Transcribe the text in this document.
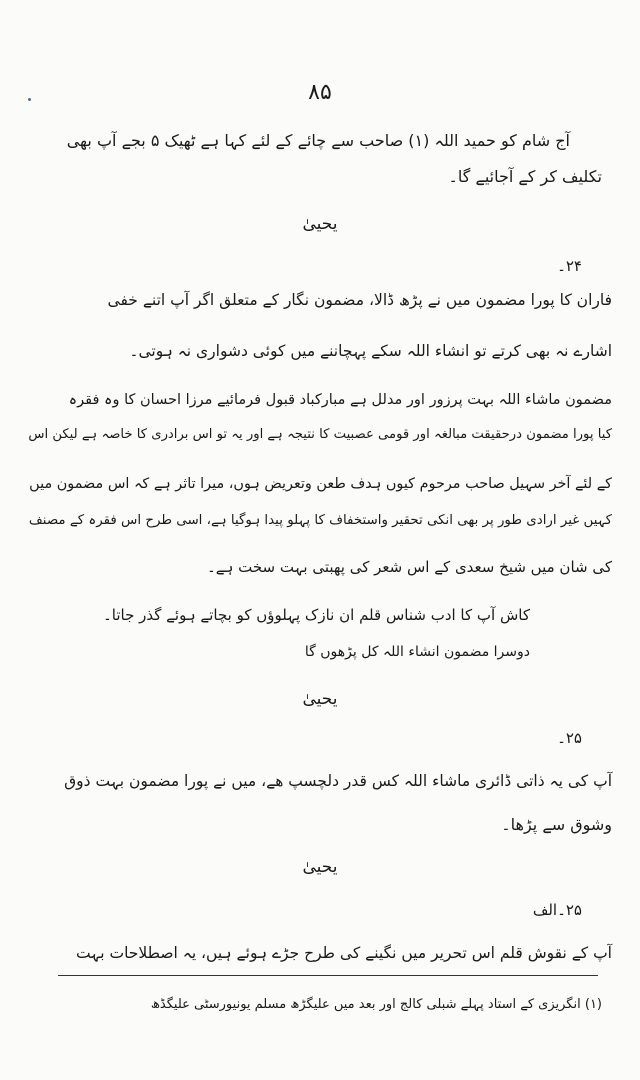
۸۵
آج شام کو حمید اللہ (۱) صاحب سے چائے کے لئے کہا ہے ٹھیک ۵ بجے آپ بھی
تکلیف کر کے آجائیے گا۔
یحییٰ
۲۴۔
فاران کا پورا مضمون میں نے پڑھ ڈالا، مضمون نگار کے متعلق اگر آپ اتنے خفی
اشارے نہ بھی کرتے تو انشاء اللہ سکے پہچاننے میں کوئی دشواری نہ ہوتی۔
مضمون ماشاء اللہ بہت پرزور اور مدلل ہے مبارکباد قبول فرمائیے مرزا احسان کا وہ فقرہ
کیا پورا مضمون درحقیقت مبالغہ اور قومی عصبیت کا نتیجہ ہے اور یہ تو اس برادری کا خاصہ ہے لیکن اس
کے لئے آخر سہیل صاحب مرحوم کیوں ہدف طعن وتعریض ہوں، میرا تاثر ہے کہ اس مضمون میں
کہیں غیر ارادی طور پر بھی انکی تحقیر واستخفاف کا پہلو پیدا ہوگیا ہے، اسی طرح اس فقرہ کے مصنف
کی شان میں شیخ سعدی کے اس شعر کی پھبتی بہت سخت ہے۔
کاش آپ کا ادب شناس قلم ان نازک پہلوؤں کو بچاتے ہوئے گذر جاتا۔
دوسرا مضمون انشاء اللہ کل پڑھوں گا
یحییٰ
۲۵۔
آپ کی یہ ذاتی ڈائری ماشاء اللہ کس قدر دلچسپ ھے، میں نے پورا مضمون بہت ذوق
وشوق سے پڑھا۔
یحییٰ
۲۵۔الف
آپ کے نقوش قلم اس تحریر میں نگینے کی طرح جڑے ہوئے ہیں، یہ اصطلاحات بہت
(۱) انگریزی کے استاد پہلے شبلی کالج اور بعد میں علیگڑھ مسلم یونیورسٹی علیگڈھ
